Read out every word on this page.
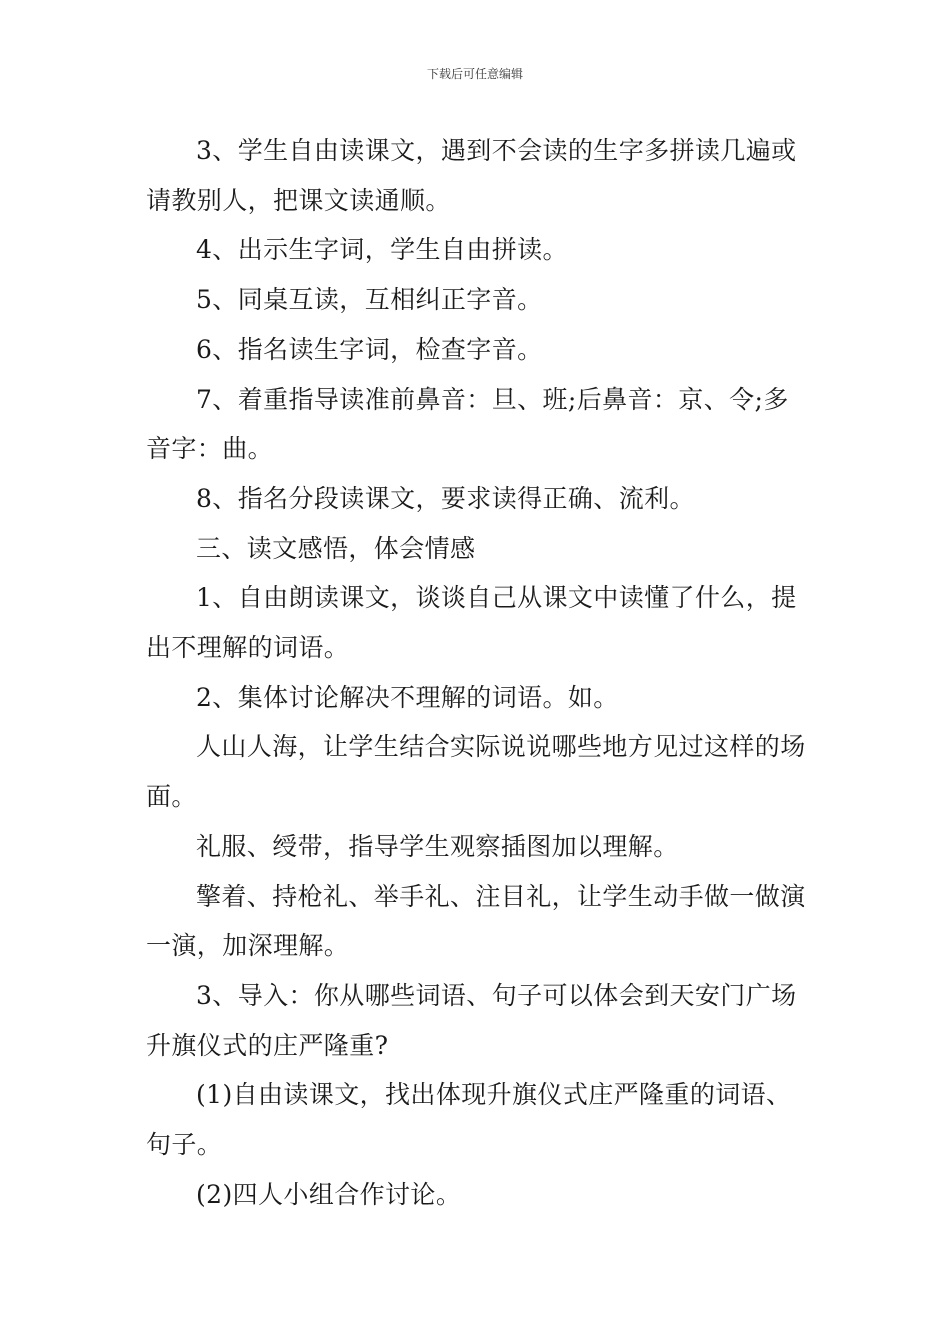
下载后可任意编辑

3、学生自由读课文，遇到不会读的生字多拼读几遍或请教别人，把课文读通顺。

4、出示生字词，学生自由拼读。

5、同桌互读，互相纠正字音。

6、指名读生字词，检查字音。

7、着重指导读准前鼻音：旦、班;后鼻音：京、令;多音字：曲。

8、指名分段读课文，要求读得正确、流利。

三、读文感悟，体会情感

1、自由朗读课文，谈谈自己从课文中读懂了什么，提出不理解的词语。

2、集体讨论解决不理解的词语。如。

人山人海，让学生结合实际说说哪些地方见过这样的场面。

礼服、绶带，指导学生观察插图加以理解。

擎着、持枪礼、举手礼、注目礼，让学生动手做一做演一演，加深理解。

3、导入：你从哪些词语、句子可以体会到天安门广场升旗仪式的庄严隆重?

(1)自由读课文，找出体现升旗仪式庄严隆重的词语、句子。

(2)四人小组合作讨论。
